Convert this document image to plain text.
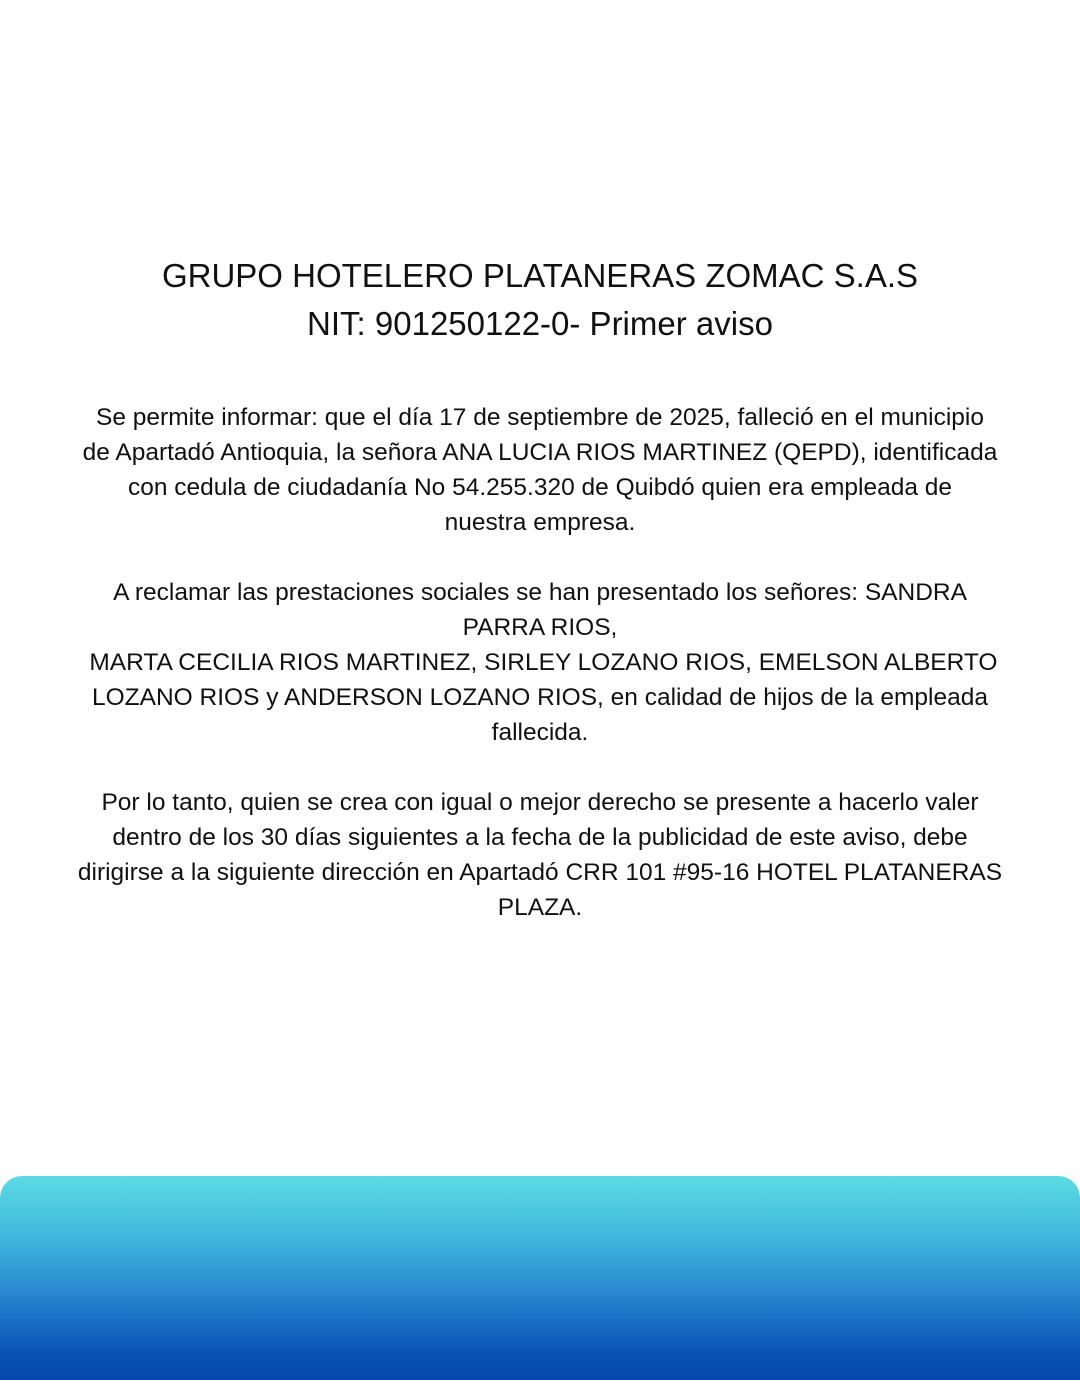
GRUPO HOTELERO PLATANERAS ZOMAC S.A.S
NIT: 901250122-0- Primer aviso

Se permite informar: que el día 17 de septiembre de 2025, falleció en el municipio
de Apartadó Antioquia, la señora ANA LUCIA RIOS MARTINEZ (QEPD), identificada
con cedula de ciudadanía No 54.255.320 de Quibdó quien era empleada de
nuestra empresa.

A reclamar las prestaciones sociales se han presentado los señores: SANDRA
PARRA RIOS,
MARTA CECILIA RIOS MARTINEZ, SIRLEY LOZANO RIOS, EMELSON ALBERTO
LOZANO RIOS y ANDERSON LOZANO RIOS, en calidad de hijos de la empleada
fallecida.

Por lo tanto, quien se crea con igual o mejor derecho se presente a hacerlo valer
dentro de los 30 días siguientes a la fecha de la publicidad de este aviso, debe
dirigirse a la siguiente dirección en Apartadó CRR 101 #95-16 HOTEL PLATANERAS
PLAZA.
